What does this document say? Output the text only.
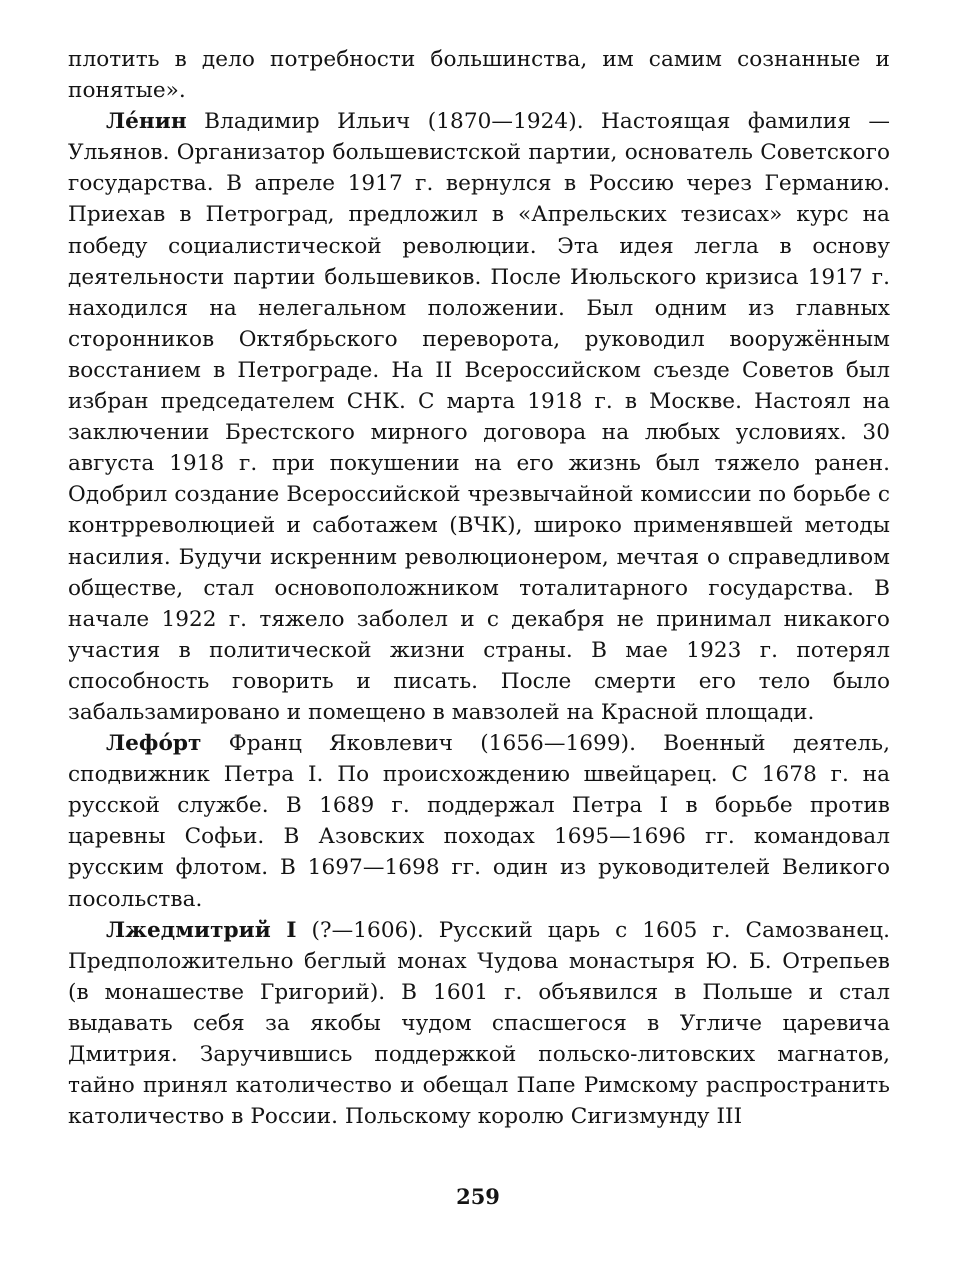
плотить в дело потребности большинства, им самим сознанные и понятые».

Ле́нин Владимир Ильич (1870—1924). Настоящая фамилия — Ульянов. Организатор большевистской партии, основатель Советского государства. В апреле 1917 г. вернулся в Россию через Германию. Приехав в Петроград, предложил в «Апрельских тезисах» курс на победу социалистической революции. Эта идея легла в основу деятельности партии большевиков. После Июльского кризиса 1917 г. находился на нелегальном положении. Был одним из главных сторонников Октябрьского переворота, руководил вооружённым восстанием в Петрограде. На II Всероссийском съезде Советов был избран председателем СНК. С марта 1918 г. в Москве. Настоял на заключении Брестского мирного договора на любых условиях. 30 августа 1918 г. при покушении на его жизнь был тяжело ранен. Одобрил создание Всероссийской чрезвычайной комиссии по борьбе с контрреволюцией и саботажем (ВЧК), широко применявшей методы насилия. Будучи искренним революционером, мечтая о справедливом обществе, стал основоположником тоталитарного государства. В начале 1922 г. тяжело заболел и с декабря не принимал никакого участия в политической жизни страны. В мае 1923 г. потерял способность говорить и писать. После смерти его тело было забальзамировано и помещено в мавзолей на Красной площади.

Лефо́рт Франц Яковлевич (1656—1699). Военный деятель, сподвижник Петра I. По происхождению швейцарец. С 1678 г. на русской службе. В 1689 г. поддержал Петра I в борьбе против царевны Софьи. В Азовских походах 1695—1696 гг. командовал русским флотом. В 1697—1698 гг. один из руководителей Великого посольства.

Лжедмитрий I (?—1606). Русский царь с 1605 г. Самозванец. Предположительно беглый монах Чудова монастыря Ю. Б. Отрепьев (в монашестве Григорий). В 1601 г. объявился в Польше и стал выдавать себя за якобы чудом спасшегося в Угличе царевича Дмитрия. Заручившись поддержкой польско-литовских магнатов, тайно принял католичество и обещал Папе Римскому распространить католичество в России. Польскому королю Сигизмунду III

259
